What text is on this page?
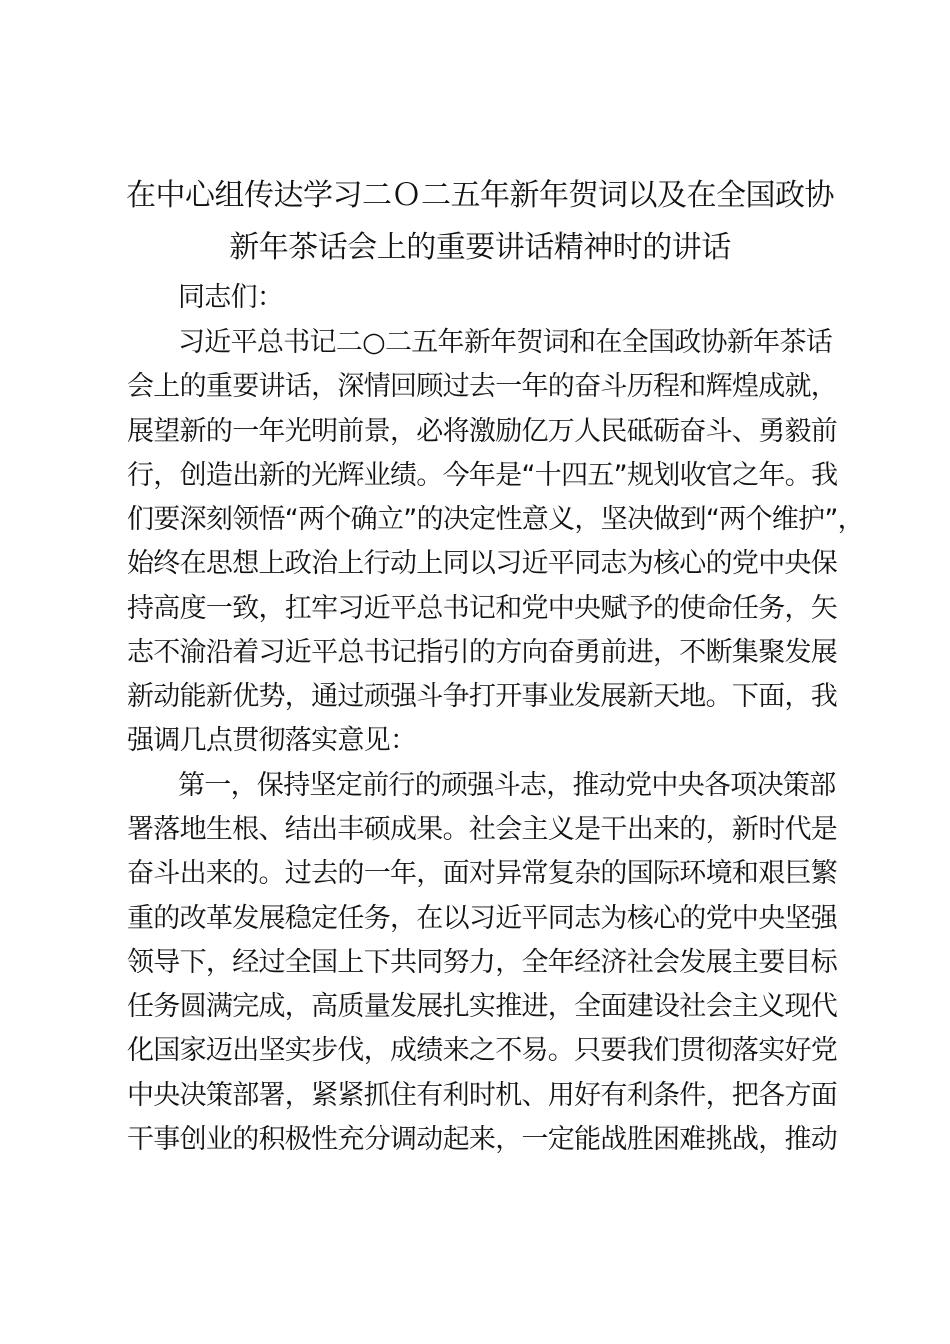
在中心组传达学习二Ｏ二五年新年贺词以及在全国政协
新年茶话会上的重要讲话精神时的讲话

同志们：

习近平总书记二○二五年新年贺词和在全国政协新年茶话

会上的重要讲话，深情回顾过去一年的奋斗历程和辉煌成就，

展望新的一年光明前景，必将激励亿万人民砥砺奋斗、勇毅前

行，创造出新的光辉业绩。今年是“十四五”规划收官之年。我

们要深刻领悟“两个确立”的决定性意义，坚决做到“两个维护”，

始终在思想上政治上行动上同以习近平同志为核心的党中央保

持高度一致，扛牢习近平总书记和党中央赋予的使命任务，矢

志不渝沿着习近平总书记指引的方向奋勇前进，不断集聚发展

新动能新优势，通过顽强斗争打开事业发展新天地。下面，我

强调几点贯彻落实意见：

第一，保持坚定前行的顽强斗志，推动党中央各项决策部

署落地生根、结出丰硕成果。社会主义是干出来的，新时代是

奋斗出来的。过去的一年，面对异常复杂的国际环境和艰巨繁

重的改革发展稳定任务，在以习近平同志为核心的党中央坚强

领导下，经过全国上下共同努力，全年经济社会发展主要目标

任务圆满完成，高质量发展扎实推进，全面建设社会主义现代

化国家迈出坚实步伐，成绩来之不易。只要我们贯彻落实好党

中央决策部署，紧紧抓住有利时机、用好有利条件，把各方面

干事创业的积极性充分调动起来，一定能战胜困难挑战，推动
